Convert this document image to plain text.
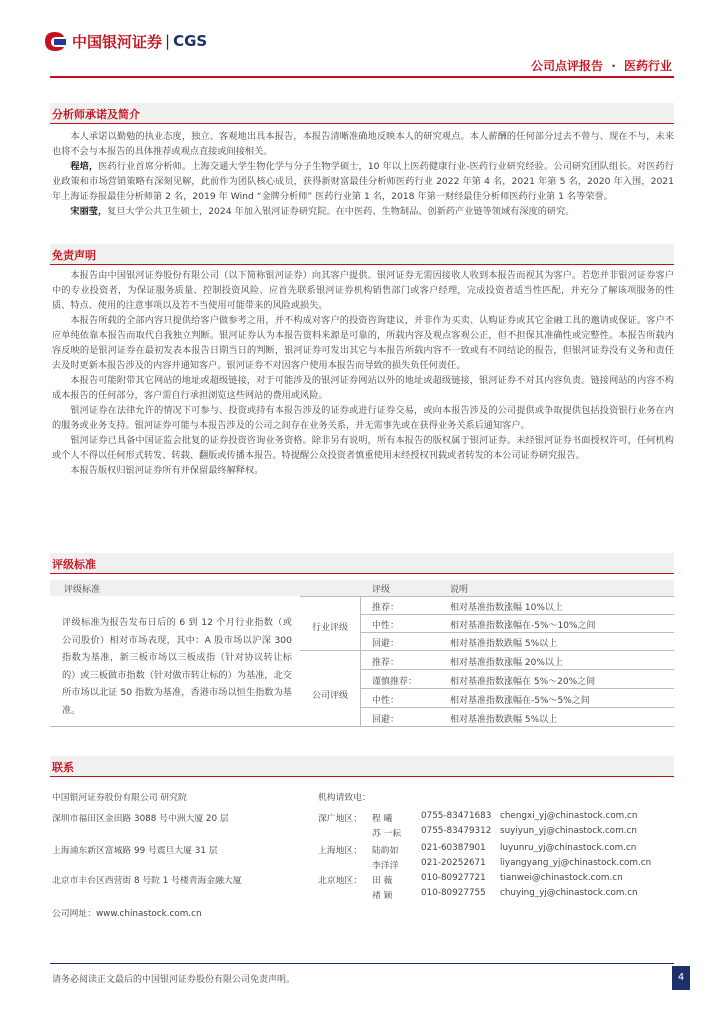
中国银河证券 | CGS
公司点评报告 · 医药行业
分析师承诺及简介

本人承诺以勤勉的执业态度，独立、客观地出具本报告，本报告清晰准确地反映本人的研究观点。本人薪酬的任何部分过去不曾与、现在不与，未来也将不会与本报告的具体推荐或观点直接或间接相关。

程培，医药行业首席分析师。上海交通大学生物化学与分子生物学硕士，10 年以上医药健康行业-医药行业研究经验。公司研究团队组长。对医药行业政策和市场营销策略有深刻见解，此前作为团队核心成员，获得新财富最佳分析师医药行业 2022 年第 4 名，2021 年第 5 名，2020 年入围，2021 年上海证券报最佳分析师第 2 名，2019 年 Wind “金牌分析师” 医药行业第 1 名，2018 年第一财经最佳分析师医药行业第 1 名等荣誉。

宋丽莹，复旦大学公共卫生硕士，2024 年加入银河证券研究院。在中医药、生物制品、创新药产业链等领域有深度的研究。

免责声明

本报告由中国银河证券股份有限公司（以下简称银河证券）向其客户提供。银河证券无需因接收人收到本报告而视其为客户。若您并非银河证券客户中的专业投资者，为保证服务质量、控制投资风险、应首先联系银河证券机构销售部门或客户经理，完成投资者适当性匹配，并充分了解该项服务的性质、特点、使用的注意事项以及若不当使用可能带来的风险或损失。

本报告所载的全部内容只提供给客户做参考之用，并不构成对客户的投资咨询建议，并非作为买卖、认购证券或其它金融工具的邀请或保证。客户不应单纯依靠本报告而取代自我独立判断。银河证券认为本报告资料来源是可靠的，所载内容及观点客观公正，但不担保其准确性或完整性。本报告所载内容反映的是银河证券在最初发表本报告日期当日的判断，银河证券可发出其它与本报告所载内容不一致或有不同结论的报告，但银河证券没有义务和责任去及时更新本报告涉及的内容并通知客户。银河证券不对因客户使用本报告而导致的损失负任何责任。

本报告可能附带其它网站的地址或超级链接，对于可能涉及的银河证券网站以外的地址或超级链接，银河证券不对其内容负责。链接网站的内容不构成本报告的任何部分，客户需自行承担浏览这些网站的费用或风险。

银河证券在法律允许的情况下可参与、投资或持有本报告涉及的证券或进行证券交易，或向本报告涉及的公司提供或争取提供包括投资银行业务在内的服务或业务支持。银河证券可能与本报告涉及的公司之间存在业务关系，并无需事先或在获得业务关系后通知客户。

银河证券已具备中国证监会批复的证券投资咨询业务资格。除非另有说明，所有本报告的版权属于银河证券。未经银河证券书面授权许可，任何机构或个人不得以任何形式转发、转载、翻版或传播本报告。特提醒公众投资者慎重使用未经授权刊载或者转发的本公司证券研究报告。

本报告版权归银河证券所有并保留最终解释权。

评级标准
评级标准	评级	说明
评级标准为报告发布日后的 6 到 12 个月行业指数（或公司股价）相对市场表现，其中：A 股市场以沪深 300 指数为基准，新三板市场以三板成指（针对协议转让标的）或三板做市指数（针对做市转让标的）为基准，北交所市场以北证 50 指数为基准，香港市场以恒生指数为基准。
行业评级
公司评级
推荐：	相对基准指数涨幅 10%以上
中性：	相对基准指数涨幅在-5%～10%之间
回避：	相对基准指数跌幅 5%以上
推荐：	相对基准指数涨幅 20%以上
谨慎推荐：	相对基准指数涨幅在 5%～20%之间
中性：	相对基准指数涨幅在-5%～5%之间
回避：	相对基准指数跌幅 5%以上
联系
中国银河证券股份有限公司 研究院
深圳市福田区金田路 3088 号中洲大厦 20 层
上海浦东新区富城路 99 号震旦大厦 31 层
北京市丰台区西营街 8 号院 1 号楼青海金融大厦
公司网址：www.chinastock.com.cn
机构请致电：
深广地区： 程 曦	0755-83471683 chengxi_yj@chinastock.com.cn
苏 一耘 0755-83479312 suyiyun_yj@chinastock.com.cn
上海地区： 陆韵如	021-60387901 luyunru_yj@chinastock.com.cn
李洋洋	021-20252671 liyangyang_yj@chinastock.com.cn
北京地区： 田 薇	010-80927721 tianwei@chinastock.com.cn
褚 颖	010-80927755 chuying_yj@chinastock.com.cn
请务必阅读正文最后的中国银河证券股份有限公司免责声明。	4
